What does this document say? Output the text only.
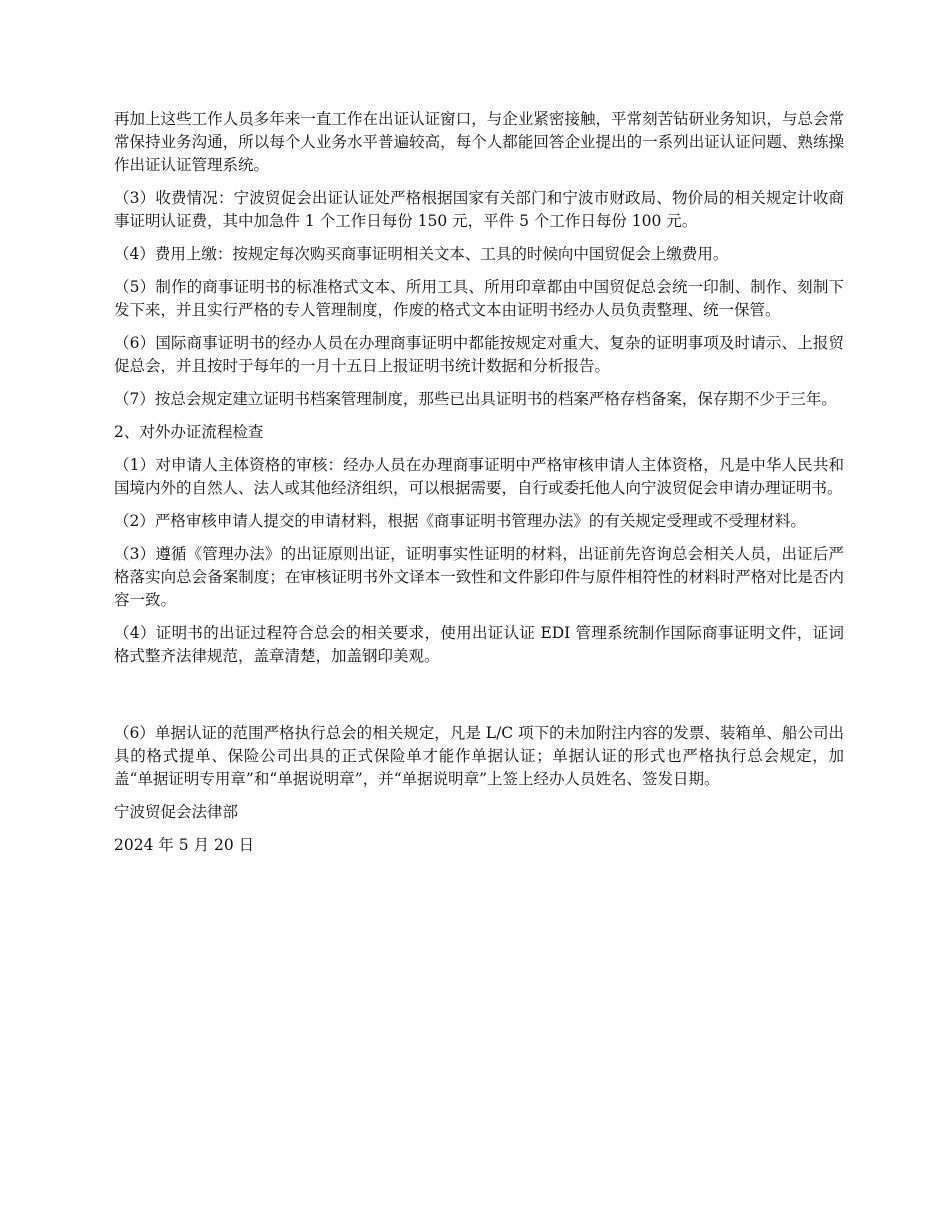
再加上这些工作人员多年来一直工作在出证认证窗口，与企业紧密接触，平常刻苦钻研业务知识，与总会常常保持业务沟通，所以每个人业务水平普遍较高，每个人都能回答企业提出的一系列出证认证问题、熟练操作出证认证管理系统。

（3）收费情况：宁波贸促会出证认证处严格根据国家有关部门和宁波市财政局、物价局的相关规定计收商事证明认证费，其中加急件 1 个工作日每份 150 元，平件 5 个工作日每份 100 元。

（4）费用上缴：按规定每次购买商事证明相关文本、工具的时候向中国贸促会上缴费用。

（5）制作的商事证明书的标准格式文本、所用工具、所用印章都由中国贸促总会统一印制、制作、刻制下发下来，并且实行严格的专人管理制度，作废的格式文本由证明书经办人员负责整理、统一保管。

（6）国际商事证明书的经办人员在办理商事证明中都能按规定对重大、复杂的证明事项及时请示、上报贸促总会，并且按时于每年的一月十五日上报证明书统计数据和分析报告。

（7）按总会规定建立证明书档案管理制度，那些已出具证明书的档案严格存档备案，保存期不少于三年。

2、对外办证流程检查

（1）对申请人主体资格的审核：经办人员在办理商事证明中严格审核申请人主体资格，凡是中华人民共和国境内外的自然人、法人或其他经济组织，可以根据需要，自行或委托他人向宁波贸促会申请办理证明书。

（2）严格审核申请人提交的申请材料，根据《商事证明书管理办法》的有关规定受理或不受理材料。

（3）遵循《管理办法》的出证原则出证，证明事实性证明的材料，出证前先咨询总会相关人员，出证后严格落实向总会备案制度；在审核证明书外文译本一致性和文件影印件与原件相符性的材料时严格对比是否内容一致。

（4）证明书的出证过程符合总会的相关要求，使用出证认证 EDI 管理系统制作国际商事证明文件，证词格式整齐法律规范，盖章清楚，加盖钢印美观。

（6）单据认证的范围严格执行总会的相关规定，凡是 L/C 项下的未加附注内容的发票、装箱单、船公司出具的格式提单、保险公司出具的正式保险单才能作单据认证；单据认证的形式也严格执行总会规定，加盖“单据证明专用章”和“单据说明章”，并“单据说明章”上签上经办人员姓名、签发日期。

宁波贸促会法律部

2024 年 5 月 20 日
